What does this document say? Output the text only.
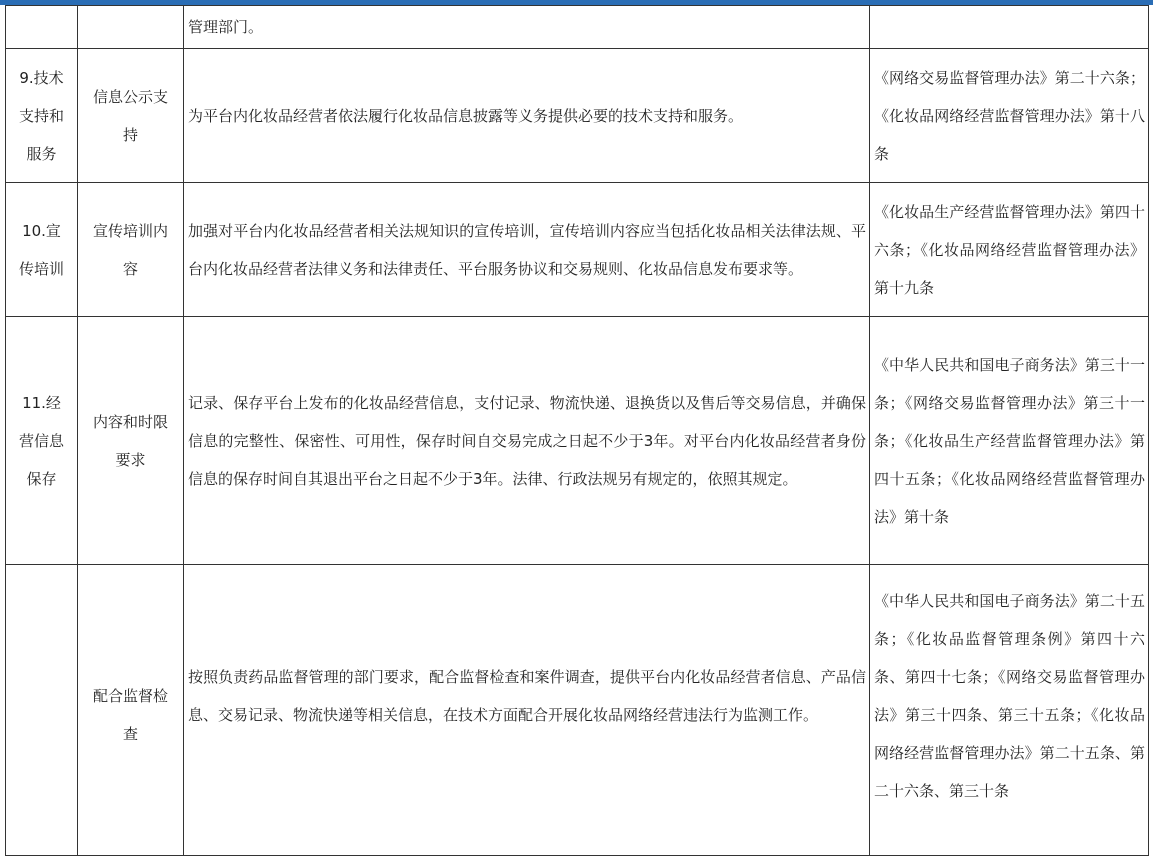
		管理部门。	
9.技术支持和服务	信息公示支持	为平台内化妆品经营者依法履行化妆品信息披露等义务提供必要的技术支持和服务。	《网络交易监督管理办法》第二十六条；《化妆品网络经营监督管理办法》第十八条
10.宣传培训	宣传培训内容	加强对平台内化妆品经营者相关法规知识的宣传培训，宣传培训内容应当包括化妆品相关法律法规、平台内化妆品经营者法律义务和法律责任、平台服务协议和交易规则、化妆品信息发布要求等。	《化妆品生产经营监督管理办法》第四十六条；《化妆品网络经营监督管理办法》第十九条
11.经营信息保存	内容和时限要求	记录、保存平台上发布的化妆品经营信息，支付记录、物流快递、退换货以及售后等交易信息，并确保信息的完整性、保密性、可用性，保存时间自交易完成之日起不少于3年。对平台内化妆品经营者身份信息的保存时间自其退出平台之日起不少于3年。法律、行政法规另有规定的，依照其规定。	《中华人民共和国电子商务法》第三十一条；《网络交易监督管理办法》第三十一条；《化妆品生产经营监督管理办法》第四十五条；《化妆品网络经营监督管理办法》第十条

	配合监督检查	按照负责药品监督管理的部门要求，配合监督检查和案件调查，提供平台内化妆品经营者信息、产品信息、交易记录、物流快递等相关信息，在技术方面配合开展化妆品网络经营违法行为监测工作。	《中华人民共和国电子商务法》第二十五条；《化妆品监督管理条例》第四十六条、第四十七条；《网络交易监督管理办法》第三十四条、第三十五条；《化妆品网络经营监督管理办法》第二十五条、第二十六条、第三十条
